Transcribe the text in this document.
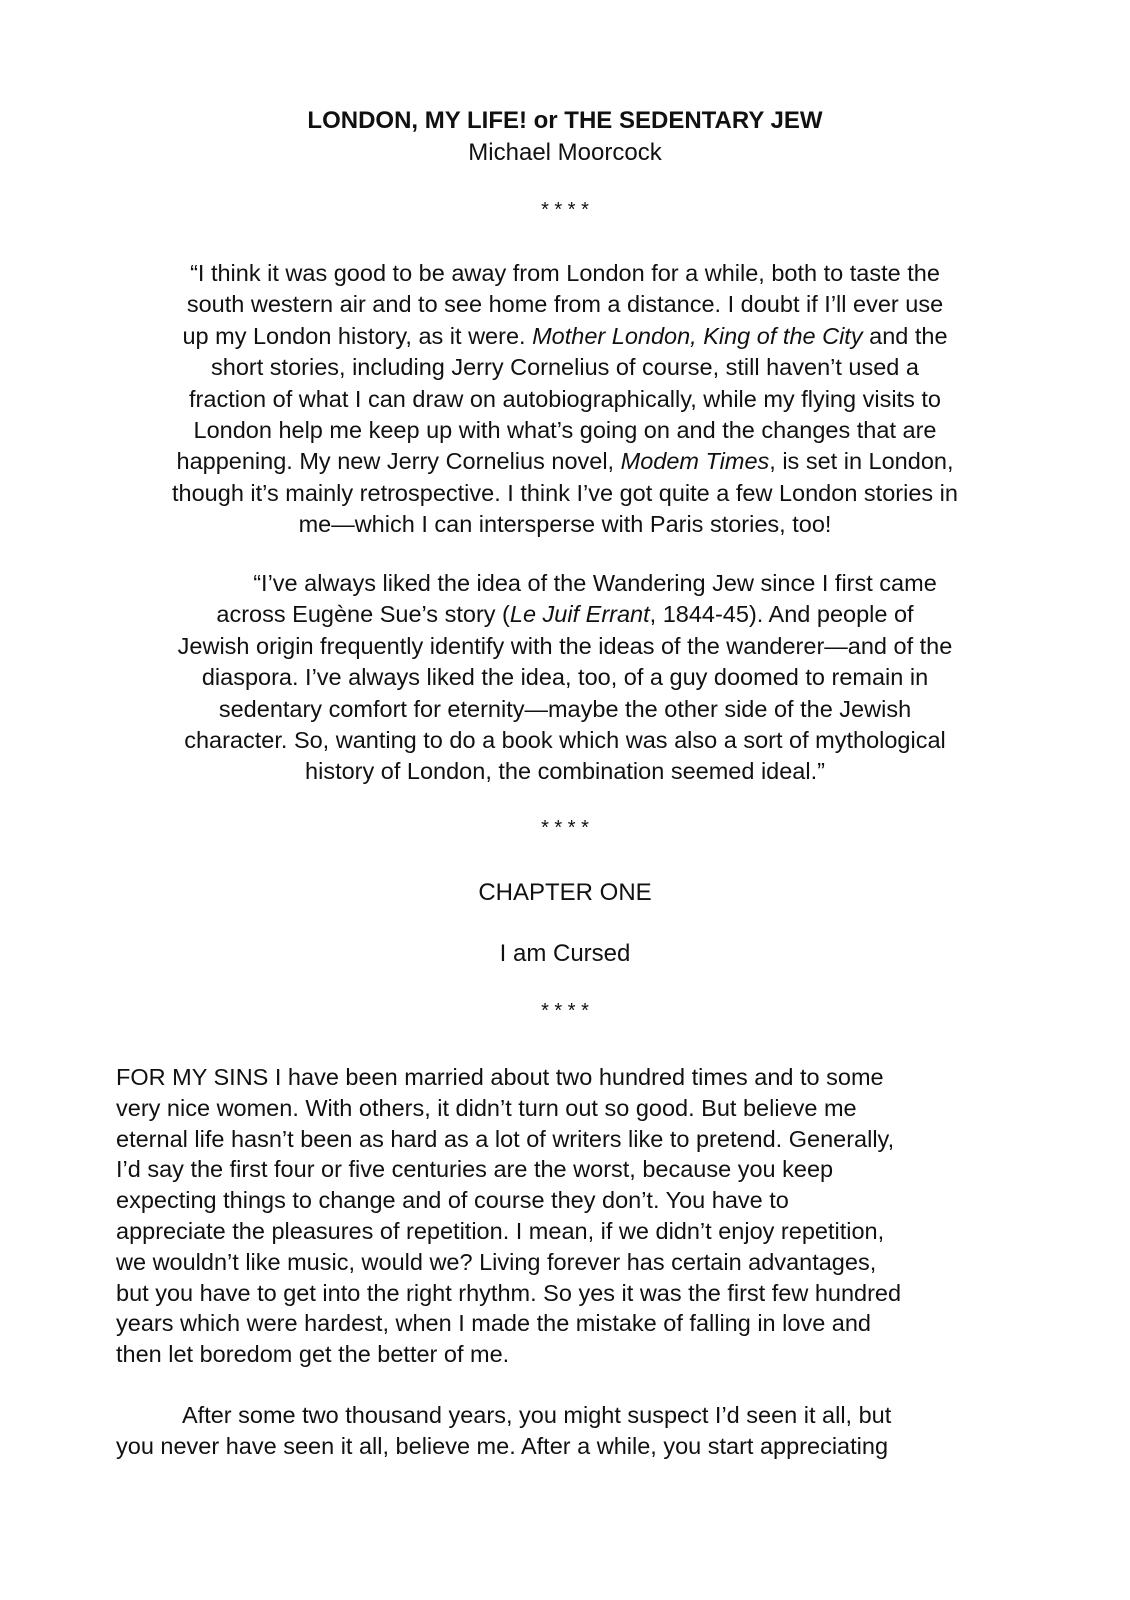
LONDON, MY LIFE! or THE SEDENTARY JEW
Michael Moorcock
* * * *
“I think it was good to be away from London for a while, both to taste the
south western air and to see home from a distance. I doubt if I’ll ever use
up my London history, as it were. Mother London, King of the City and the
short stories, including Jerry Cornelius of course, still haven’t used a
fraction of what I can draw on autobiographically, while my flying visits to
London help me keep up with what’s going on and the changes that are
happening. My new Jerry Cornelius novel, Modem Times, is set in London,
though it’s mainly retrospective. I think I’ve got quite a few London stories in
me—which I can intersperse with Paris stories, too!
“I’ve always liked the idea of the Wandering Jew since I first came
across Eugène Sue’s story (Le Juif Errant, 1844-45). And people of
Jewish origin frequently identify with the ideas of the wanderer—and of the
diaspora. I’ve always liked the idea, too, of a guy doomed to remain in
sedentary comfort for eternity—maybe the other side of the Jewish
character. So, wanting to do a book which was also a sort of mythological
history of London, the combination seemed ideal.”
* * * *
CHAPTER ONE
I am Cursed
* * * *
FOR MY SINS I have been married about two hundred times and to some
very nice women. With others, it didn’t turn out so good. But believe me
eternal life hasn’t been as hard as a lot of writers like to pretend. Generally,
I’d say the first four or five centuries are the worst, because you keep
expecting things to change and of course they don’t. You have to
appreciate the pleasures of repetition. I mean, if we didn’t enjoy repetition,
we wouldn’t like music, would we? Living forever has certain advantages,
but you have to get into the right rhythm. So yes it was the first few hundred
years which were hardest, when I made the mistake of falling in love and
then let boredom get the better of me.
After some two thousand years, you might suspect I’d seen it all, but
you never have seen it all, believe me. After a while, you start appreciating
